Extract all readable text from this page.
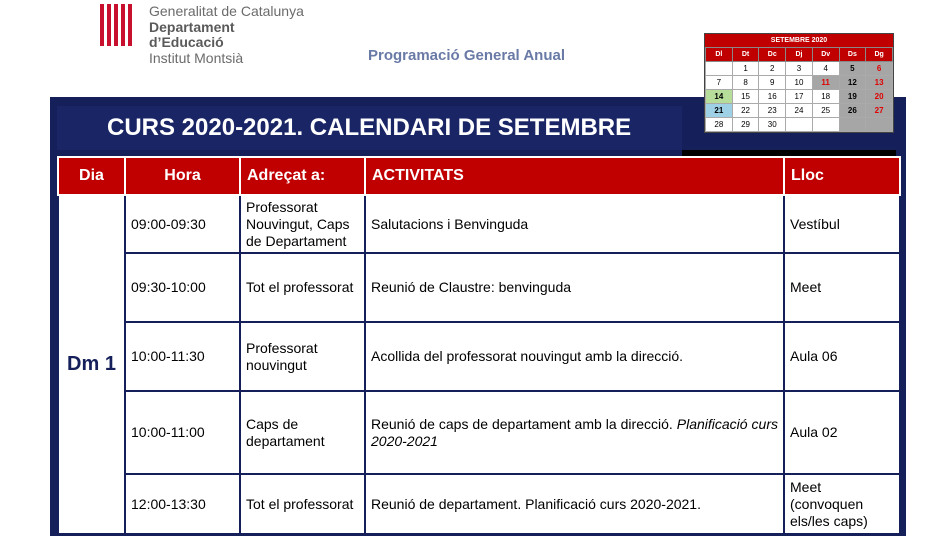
Generalitat de Catalunya
Departament
d’Educació
Institut Montsià	Programació General Anual
CURS 2020-2021. CALENDARI DE SETEMBRE
SETEMBRE 2020
Dl	Dt	Dc	Dj	Dv	Ds	Dg
	1	2	3	4	5	6
7	8	9	10	11	12	13
14	15	16	17	18	19	20
21	22	23	24	25	26	27
28	29	30				
Dia	Hora	Adreçat a:	ACTIVITATS	Lloc
Dm 1	09:00-09:30	Professorat Nouvingut, Caps de Departament	Salutacions i Benvinguda	Vestíbul
	09:30-10:00	Tot el professorat	Reunió de Claustre: benvinguda	Meet
	10:00-11:30	Professorat nouvingut	Acollida del professorat nouvingut amb la direcció.	Aula 06
	10:00-11:00	Caps de departament	Reunió de caps de departament amb la direcció. Planificació curs 2020-2021	Aula 02
	12:00-13:30	Tot el professorat	Reunió de departament. Planificació curs 2020-2021.	Meet (convoquen els/les caps)
